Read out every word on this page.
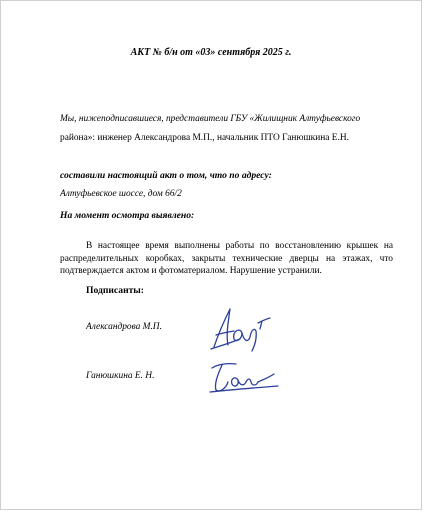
АКТ № б/н от «03» сентября 2025 г.
Мы, нижеподписавшиеся, представители ГБУ «Жилищник Алтуфьевского
района»: инженер Александрова М.П., начальник ПТО Ганюшкина Е.Н.
составили настоящий акт о том, что по адресу:
Алтуфьевское шоссе, дом 66/2
На момент осмотра выявлено:
В настоящее время выполнены работы по восстановлению крышек на распределительных коробках, закрыты технические дверцы на этажах, что подтверждается актом и фотоматериалом. Нарушение устранили.
Подписанты:
Александрова М.П.
Ганюшкина Е. Н.
